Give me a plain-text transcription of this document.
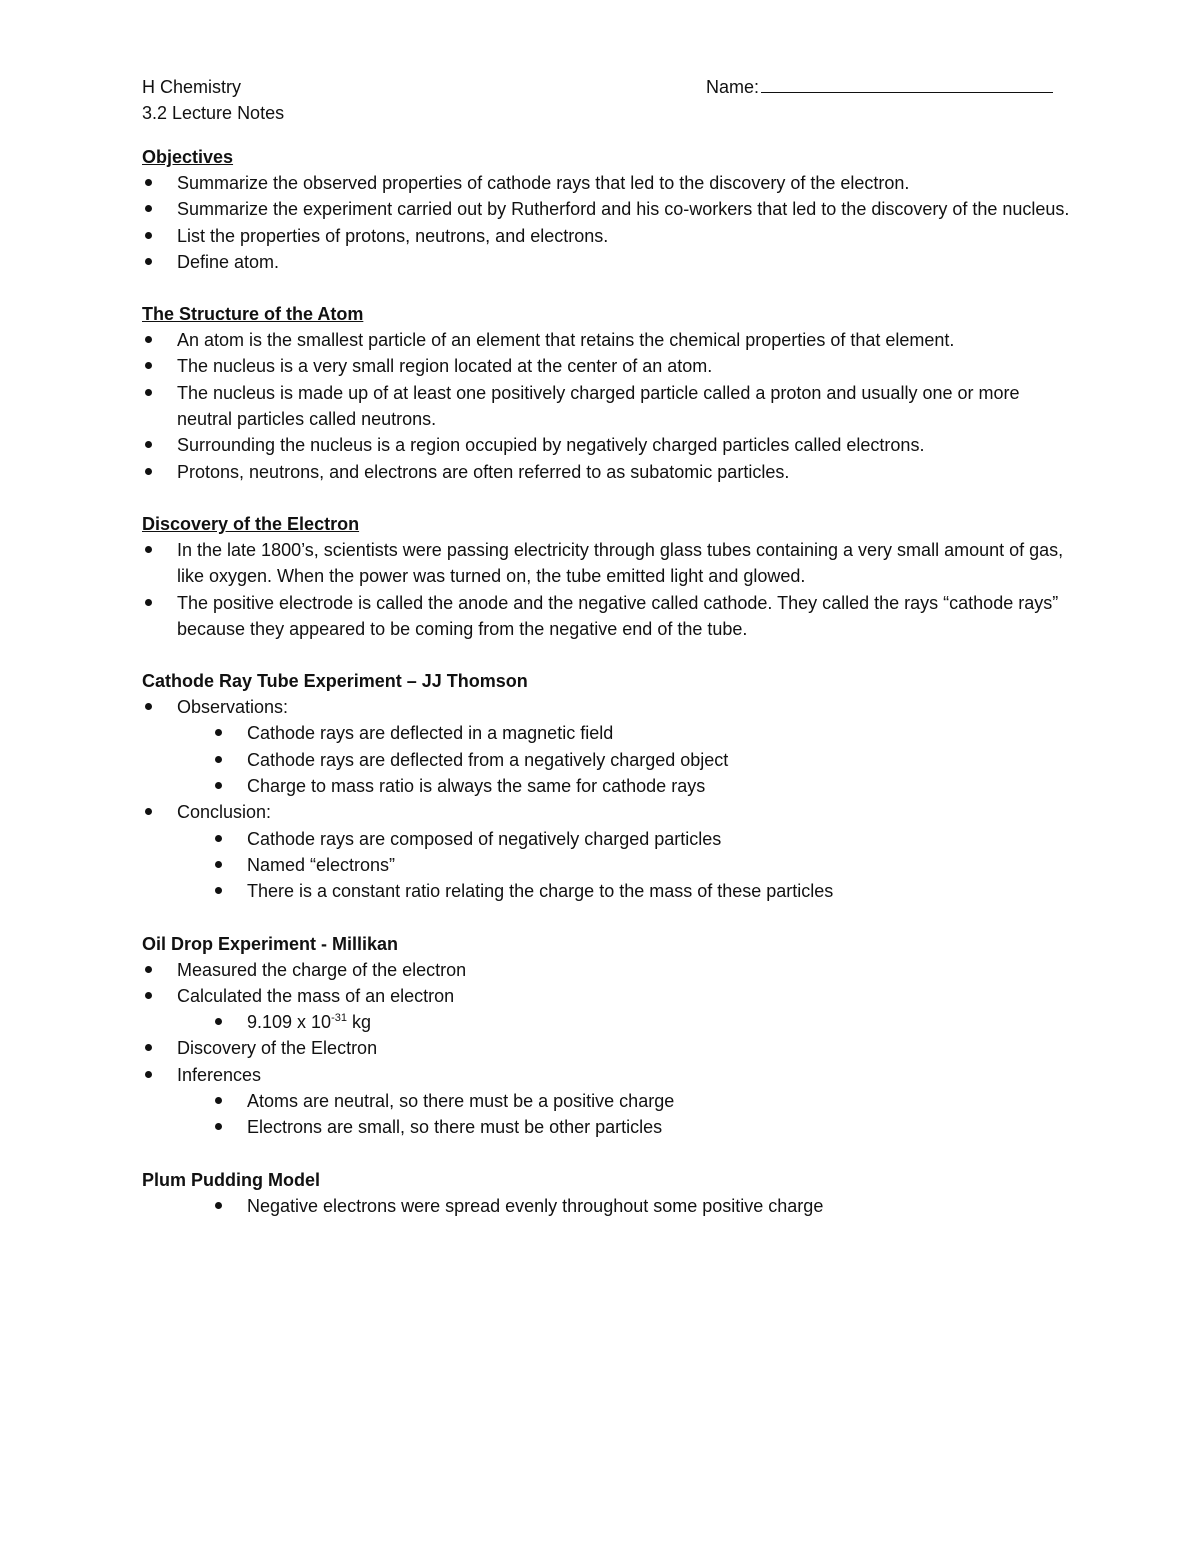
H Chemistry
3.2 Lecture Notes
Name:
Objectives
Summarize the observed properties of cathode rays that led to the discovery of the electron.
Summarize the experiment carried out by Rutherford and his co-workers that led to the discovery of the nucleus.
List the properties of protons, neutrons, and electrons.
Define atom.
The Structure of the Atom
An atom is the smallest particle of an element that retains the chemical properties of that element.
The nucleus is a very small region located at the center of an atom.
The nucleus is made up of at least one positively charged particle called a proton and usually one or more neutral particles called neutrons.
Surrounding the nucleus is a region occupied by negatively charged particles called electrons.
Protons, neutrons, and electrons are often referred to as subatomic particles.
Discovery of the Electron
In the late 1800’s, scientists were passing electricity through glass tubes containing a very small amount of gas, like oxygen. When the power was turned on, the tube emitted light and glowed.
The positive electrode is called the anode and the negative called cathode. They called the rays “cathode rays” because they appeared to be coming from the negative end of the tube.
Cathode Ray Tube Experiment – JJ Thomson
Observations:
Cathode rays are deflected in a magnetic field
Cathode rays are deflected from a negatively charged object
Charge to mass ratio is always the same for cathode rays
Conclusion:
Cathode rays are composed of negatively charged particles
Named “electrons”
There is a constant ratio relating the charge to the mass of these particles
Oil Drop Experiment - Millikan
Measured the charge of the electron
Calculated the mass of an electron
9.109 x $10^{-31}$ kg
Discovery of the Electron
Inferences
Atoms are neutral, so there must be a positive charge
Electrons are small, so there must be other particles
Plum Pudding Model
Negative electrons were spread evenly throughout some positive charge
